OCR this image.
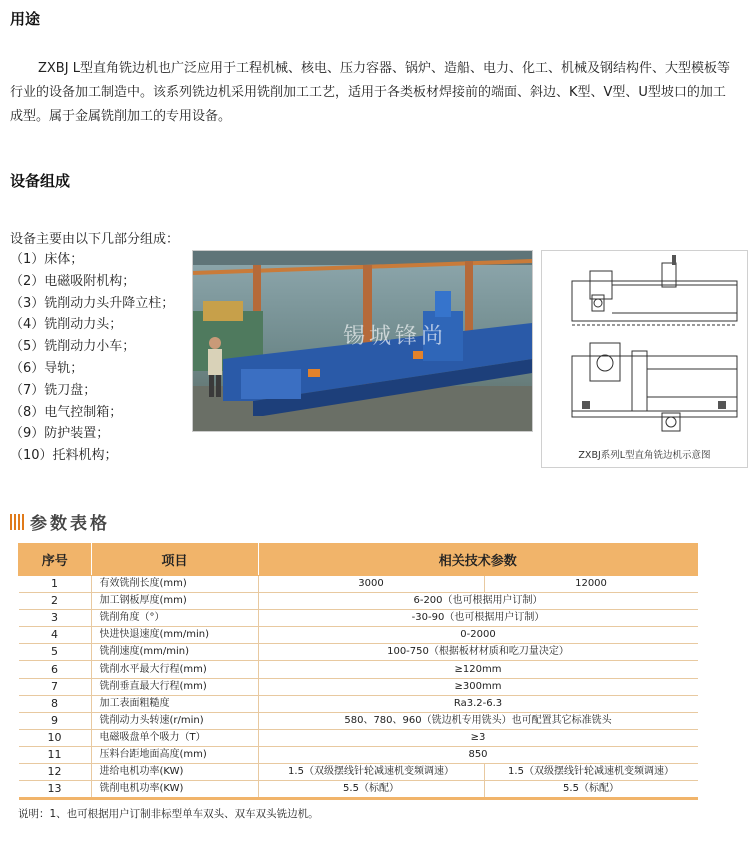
用途
ZXBJ L型直角铣边机也广泛应用于工程机械、核电、压力容器、锅炉、造船、电力、化工、机械及钢结构件、大型模板等行业的设备加工制造中。该系列铣边机采用铣削加工工艺，适用于各类板材焊接前的端面、斜边、K型、V型、U型坡口的加工成型。属于金属铣削加工的专用设备。
设备组成
设备主要由以下几部分组成：
（1）床体；
（2）电磁吸附机构；
（3）铣削动力头升降立柱；
（4）铣削动力头；
（5）铣削动力小车；
（6）导轨；
（7）铣刀盘；
（8）电气控制箱；
（9）防护装置；
（10）托料机构；
锡城锋尚
ZXBJ系列L型直角铣边机示意图
参数表格
序号	项目	相关技术参数	
1	有效铣削长度(mm)	3000	12000
2	加工钢板厚度(mm)	6-200（也可根据用户订制）	
3	铣削角度（°）	-30-90（也可根据用户订制）	
4	快进快退速度(mm/min)	0-2000	
5	铣削速度(mm/min)	100-750（根据板材材质和吃刀量决定）	
6	铣削水平最大行程(mm)	≥120mm	
7	铣削垂直最大行程(mm)	≥300mm	
8	加工表面粗糙度	Ra3.2-6.3	
9	铣削动力头转速(r/min)	580、780、960（铣边机专用铣头）也可配置其它标准铣头	
10	电磁吸盘单个吸力（T）	≥3	
11	压料台距地面高度(mm)	850	
12	进给电机功率(KW)	1.5（双级摆线针轮减速机变频调速）	1.5（双级摆线针轮减速机变频调速）
13	铣削电机功率(KW)	5.5（标配）	5.5（标配）
说明：1、也可根据用户订制非标型单车双头、双车双头铣边机。
